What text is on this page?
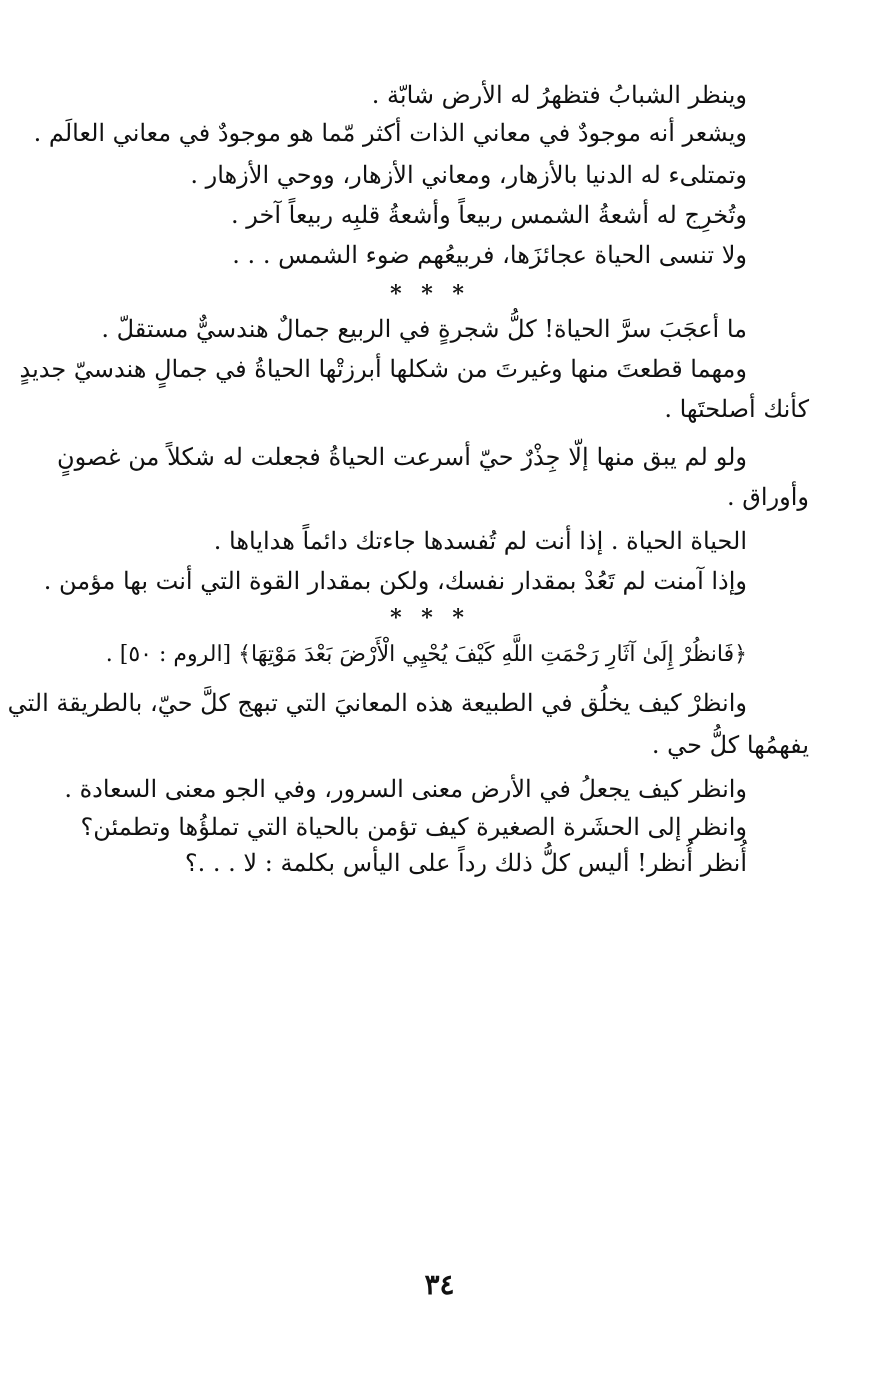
وينظر الشبابُ فتظهرُ له الأرض شابّة .
ويشعر أنه موجودٌ في معاني الذات أكثر مّما هو موجودٌ في معاني العالَم .
وتمتلىء له الدنيا بالأزهار، ومعاني الأزهار، ووحي الأزهار .
وتُخرِج له أشعةُ الشمس ربيعاً وأشعةُ قلبِه ربيعاً آخر .
ولا تنسى الحياة عجائزَها، فربيعُهم ضوء الشمس . . .
* * *
ما أعجَبَ سرَّ الحياة! كلُّ شجرةٍ في الربيع جمالٌ هندسيٌّ مستقلّ .
ومهما قطعتَ منها وغيرتَ من شكلها أبرزتْها الحياةُ في جمالٍ هندسيّ جديدٍ
كأنك أصلحتَها .
ولو لم يبق منها إلّا جِذْرٌ حيّ أسرعت الحياةُ فجعلت له شكلاً من غصونٍ
وأوراق .
الحياة الحياة . إذا أنت لم تُفسدها جاءتك دائماً هداياها .
وإذا آمنت لم تَعُدْ بمقدار نفسك، ولكن بمقدار القوة التي أنت بها مؤمن .
* * *
﴿فَانظُرْ إِلَىٰ آثَارِ رَحْمَتِ اللَّهِ كَيْفَ يُحْيِي الْأَرْضَ بَعْدَ مَوْتِهَا﴾ [الروم : ٥٠] .
وانظرْ كيف يخلُق في الطبيعة هذه المعانيَ التي تبهج كلَّ حيّ، بالطريقة التي
يفهمُها كلُّ حي .
وانظر كيف يجعلُ في الأرض معنى السرور، وفي الجو معنى السعادة .
وانظر إلى الحشَرة الصغيرة كيف تؤمن بالحياة التي تملؤُها وتطمئن؟
أُنظر أُنظر! أليس كلُّ ذلك رداً على اليأس بكلمة : لا . . .؟
٣٤
